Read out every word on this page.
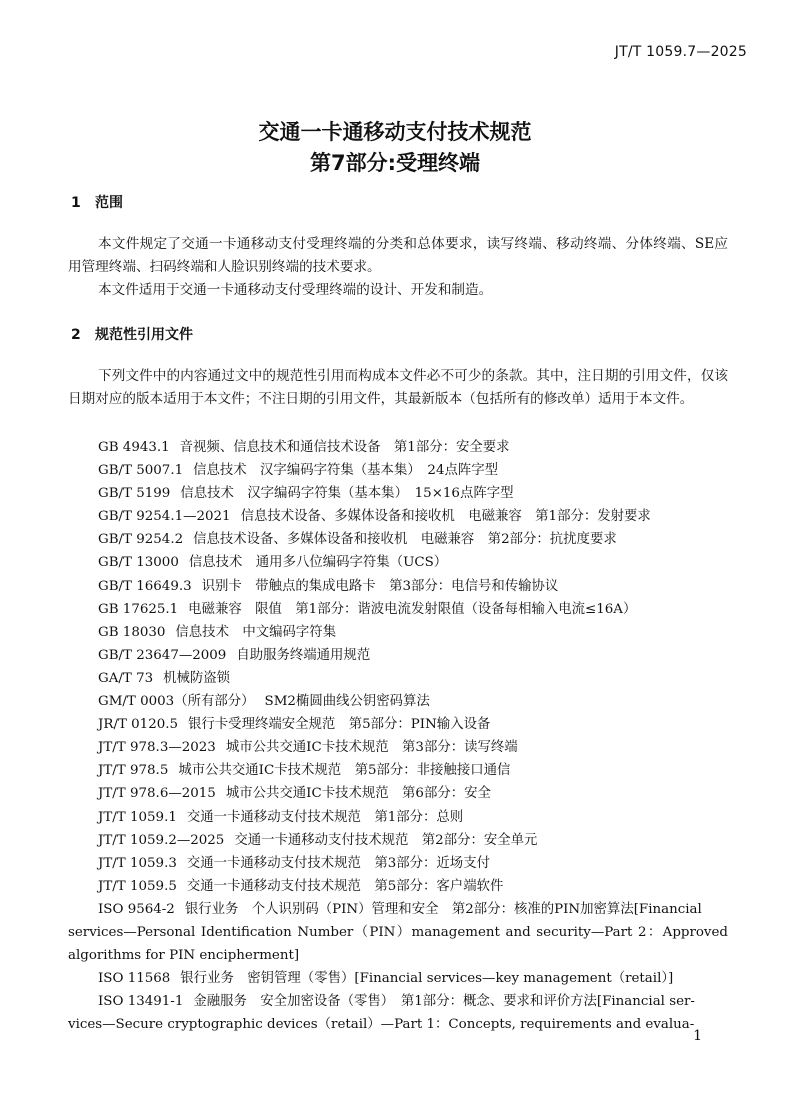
JT/T 1059.7—2025
交通一卡通移动支付技术规范
第7部分:受理终端
1 范围
本文件规定了交通一卡通移动支付受理终端的分类和总体要求，读写终端、移动终端、分体终端、SE应用管理终端、扫码终端和人脸识别终端的技术要求。
本文件适用于交通一卡通移动支付受理终端的设计、开发和制造。
2 规范性引用文件
下列文件中的内容通过文中的规范性引用而构成本文件必不可少的条款。其中，注日期的引用文件，仅该日期对应的版本适用于本文件；不注日期的引用文件，其最新版本（包括所有的修改单）适用于本文件。
GB 4943.1 音视频、信息技术和通信技术设备　第1部分：安全要求
GB/T 5007.1 信息技术　汉字编码字符集（基本集）　24点阵字型
GB/T 5199 信息技术　汉字编码字符集（基本集）　15×16点阵字型
GB/T 9254.1—2021 信息技术设备、多媒体设备和接收机　电磁兼容　第1部分：发射要求
GB/T 9254.2 信息技术设备、多媒体设备和接收机　电磁兼容　第2部分：抗扰度要求
GB/T 13000 信息技术　通用多八位编码字符集（UCS）
GB/T 16649.3 识别卡　带触点的集成电路卡　第3部分：电信号和传输协议
GB 17625.1 电磁兼容　限值　第1部分：谐波电流发射限值（设备每相输入电流≤16A）
GB 18030 信息技术　中文编码字符集
GB/T 23647—2009 自助服务终端通用规范
GA/T 73 机械防盗锁
GM/T 0003（所有部分） SM2椭圆曲线公钥密码算法
JR/T 0120.5 银行卡受理终端安全规范　第5部分：PIN输入设备
JT/T 978.3—2023 城市公共交通IC卡技术规范　第3部分：读写终端
JT/T 978.5 城市公共交通IC卡技术规范　第5部分：非接触接口通信
JT/T 978.6—2015 城市公共交通IC卡技术规范　第6部分：安全
JT/T 1059.1 交通一卡通移动支付技术规范　第1部分：总则
JT/T 1059.2—2025 交通一卡通移动支付技术规范　第2部分：安全单元
JT/T 1059.3 交通一卡通移动支付技术规范　第3部分：近场支付
JT/T 1059.5 交通一卡通移动支付技术规范　第5部分：客户端软件
ISO 9564-2 银行业务　个人识别码（PIN）管理和安全　第2部分：核准的PIN加密算法[Financial
services—Personal Identification Number（PIN）management and security—Part 2：Approved algorithms for PIN encipherment]
ISO 11568 银行业务　密钥管理（零售）[Financial services—key management（retail）]
ISO 13491-1 金融服务　安全加密设备（零售）　第1部分：概念、要求和评价方法[Financial ser-
vices—Secure cryptographic devices（retail）—Part 1：Concepts, requirements and evalua-
1
